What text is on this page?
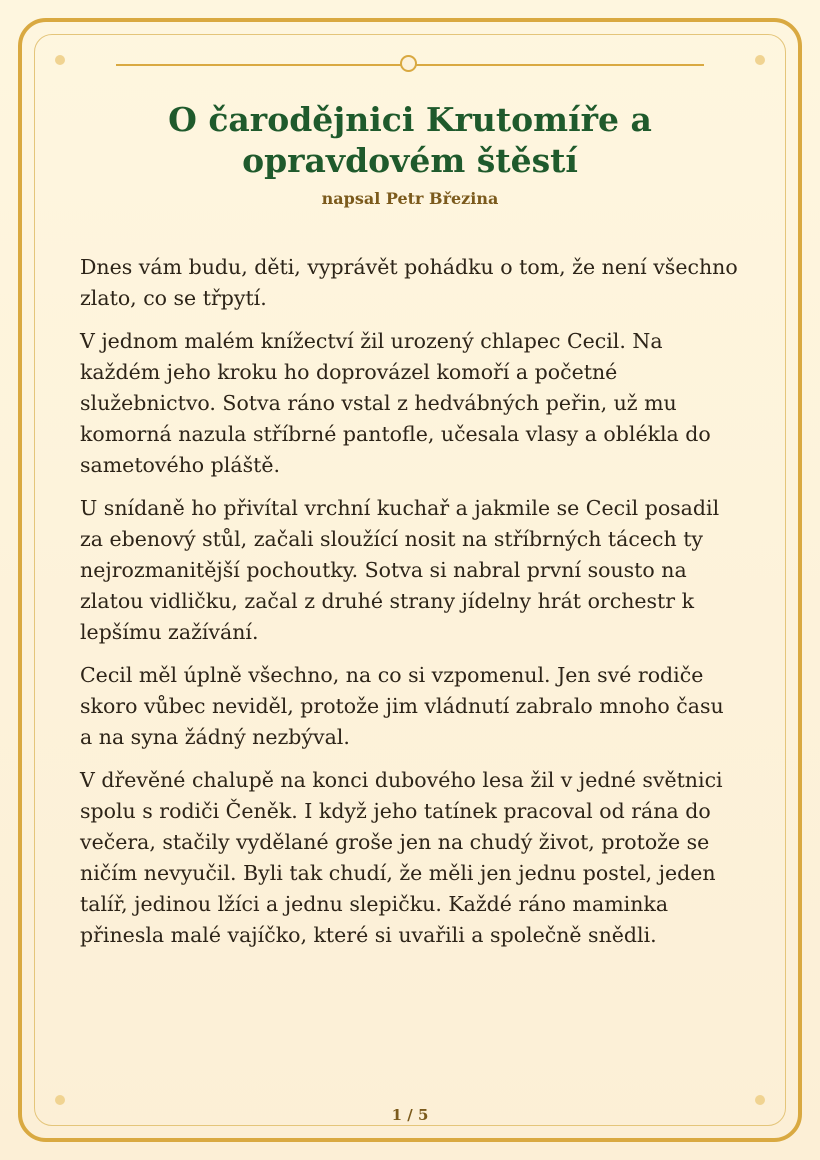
O čarodějnici Krutomíře a opravdovém štěstí
napsal Petr Březina

Dnes vám budu, děti, vyprávět pohádku o tom, že není všechno zlato, co se třpytí.

V jednom malém knížectví žil urozený chlapec Cecil. Na každém jeho kroku ho doprovázel komoří a početné služebnictvo. Sotva ráno vstal z hedvábných peřin, už mu komorná nazula stříbrné pantofle, učesala vlasy a oblékla do sametového pláště.

U snídaně ho přivítal vrchní kuchař a jakmile se Cecil posadil za ebenový stůl, začali sloužící nosit na stříbrných tácech ty nejrozmanitější pochoutky. Sotva si nabral první sousto na zlatou vidličku, začal z druhé strany jídelny hrát orchestr k lepšímu zažívání.

Cecil měl úplně všechno, na co si vzpomenul. Jen své rodiče skoro vůbec neviděl, protože jim vládnutí zabralo mnoho času a na syna žádný nezbýval.

V dřevěné chalupě na konci dubového lesa žil v jedné světnici spolu s rodiči Čeněk. I když jeho tatínek pracoval od rána do večera, stačily vydělané groše jen na chudý život, protože se ničím nevyučil. Byli tak chudí, že měli jen jednu postel, jeden talíř, jedinou lžíci a jednu slepičku. Každé ráno maminka přinesla malé vajíčko, které si uvařili a společně snědli.

1 / 5
